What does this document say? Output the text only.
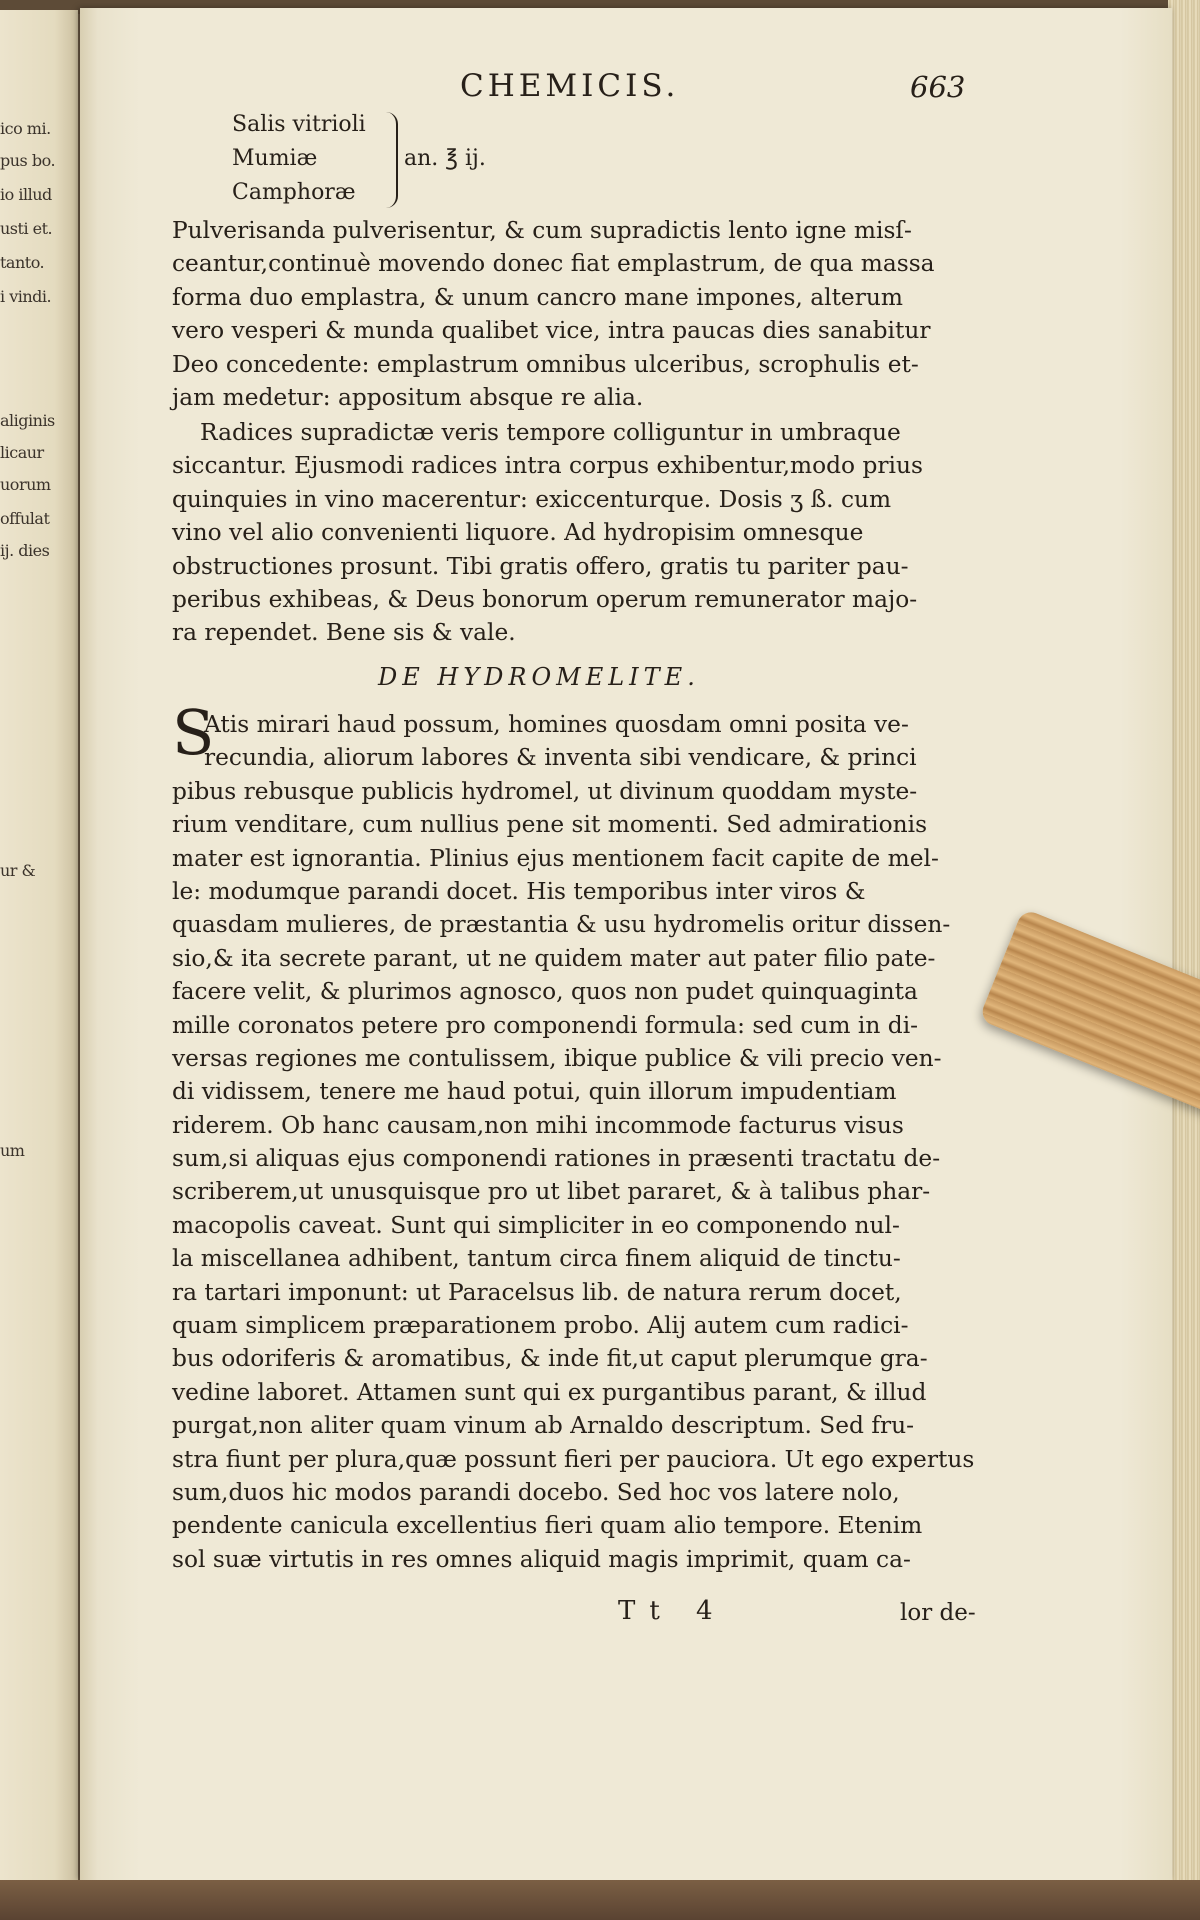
ico mi.
pus bo.
io illud
usti et.
tanto.
i vindi.
aliginis
licaur
uorum
offulat
ij. dies
ur &
um
CHEMICIS.	663
Salis vitrioli
Mumiæ
Camphoræ
an. ℥ ij.
Pulverisanda pulverisentur, & cum supradictis lento igne misſ-
ceantur,continuè movendo donec fiat emplastrum, de qua massa
forma duo emplastra, & unum cancro mane impones, alterum
vero vesperi & munda qualibet vice, intra paucas dies sanabitur
Deo concedente: emplastrum omnibus ulceribus, scrophulis et-
jam medetur: appositum absque re alia.
Radices supradictæ veris tempore colliguntur in umbraque
siccantur. Ejusmodi radices intra corpus exhibentur,modo prius
quinquies in vino macerentur: exiccenturque. Dosis ʒ ß. cum
vino vel alio convenienti liquore. Ad hydropisim omnesque
obstructiones prosunt. Tibi gratis offero, gratis tu pariter pau-
peribus exhibeas, & Deus bonorum operum remunerator majo-
ra rependet. Bene sis & vale.
DE HYDROMELITE.
S
Atis mirari haud possum, homines quosdam omni posita ve-
recundia, aliorum labores & inventa sibi vendicare, & princi
pibus rebusque publicis hydromel, ut divinum quoddam myste-
rium venditare, cum nullius pene sit momenti. Sed admirationis
mater est ignorantia. Plinius ejus mentionem facit capite de mel-
le: modumque parandi docet. His temporibus inter viros &
quasdam mulieres, de præstantia & usu hydromelis oritur dissen-
sio,& ita secrete parant, ut ne quidem mater aut pater filio pate-
facere velit, & plurimos agnosco, quos non pudet quinquaginta
mille coronatos petere pro componendi formula: sed cum in di-
versas regiones me contulissem, ibique publice & vili precio ven-
di vidissem, tenere me haud potui, quin illorum impudentiam
riderem. Ob hanc causam,non mihi incommode facturus visus
sum,si aliquas ejus componendi rationes in præsenti tractatu de-
scriberem,ut unusquisque pro ut libet pararet, & à talibus phar-
macopolis caveat. Sunt qui simpliciter in eo componendo nul-
la miscellanea adhibent, tantum circa finem aliquid de tinctu-
ra tartari imponunt: ut Paracelsus lib. de natura rerum docet,
quam simplicem præparationem probo. Alij autem cum radici-
bus odoriferis & aromatibus, & inde fit,ut caput plerumque gra-
vedine laboret. Attamen sunt qui ex purgantibus parant, & illud
purgat,non aliter quam vinum ab Arnaldo descriptum. Sed fru-
stra fiunt per plura,quæ possunt fieri per pauciora. Ut ego expertus
sum,duos hic modos parandi docebo. Sed hoc vos latere nolo,
pendente canicula excellentius fieri quam alio tempore. Etenim
sol suæ virtutis in res omnes aliquid magis imprimit, quam ca-
Tt 4	lor de-
